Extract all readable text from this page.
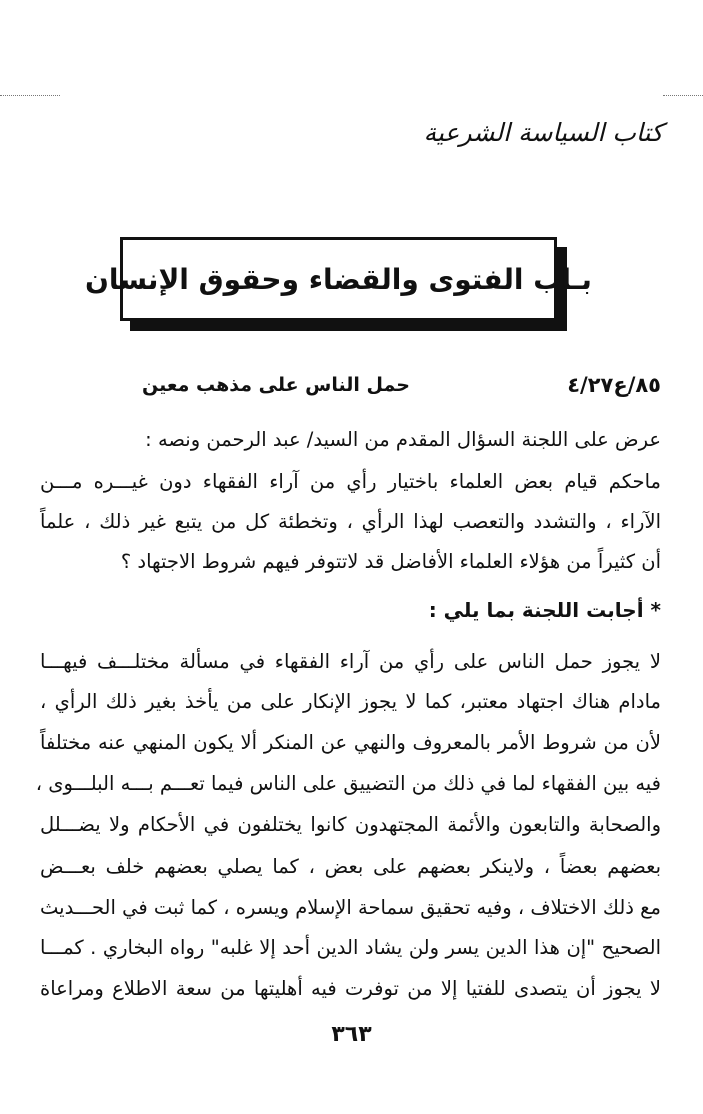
كتاب السياسة الشرعية
بـاب الفتوى والقضاء وحقوق الإنسان
٨٥/ع٤/٢٧
حمل الناس على مذهب معين
عرض على اللجنة السؤال المقدم من السيد/ عبد الرحمن ونصه :
ماحكم قيام بعض العلماء باختيار رأي من آراء الفقهاء دون غيـــره مـــن
الآراء ، والتشدد والتعصب لهذا الرأي ، وتخطئة كل من يتبع غير ذلك ، علماً
أن كثيراً من هؤلاء العلماء الأفاضل قد لاتتوفر فيهم شروط الاجتهاد ؟
* أجابت اللجنة بما يلي :
لا يجوز حمل الناس على رأي من آراء الفقهاء في مسألة مختلـــف فيهـــا
مادام هناك اجتهاد معتبر، كما لا يجوز الإنكار على من يأخذ بغير ذلك الرأي ،
لأن من شروط الأمر بالمعروف والنهي عن المنكر ألا يكون المنهي عنه مختلفاً
فيه بين الفقهاء لما في ذلك من التضييق على الناس فيما تعـــم بـــه البلـــوى ،
والصحابة والتابعون والأئمة المجتهدون كانوا يختلفون في الأحكام ولا يضـــلل
بعضهم بعضاً ، ولاينكر بعضهم على بعض ، كما يصلي بعضهم خلف بعـــض
مع ذلك الاختلاف ، وفيه تحقيق سماحة الإسلام ويسره ، كما ثبت في الحـــديث
الصحيح "إن هذا الدين يسر ولن يشاد الدين أحد إلا غلبه" رواه البخاري . كمـــا
لا يجوز أن يتصدى للفتيا إلا من توفرت فيه أهليتها من سعة الاطلاع ومراعاة
٣٦٣
